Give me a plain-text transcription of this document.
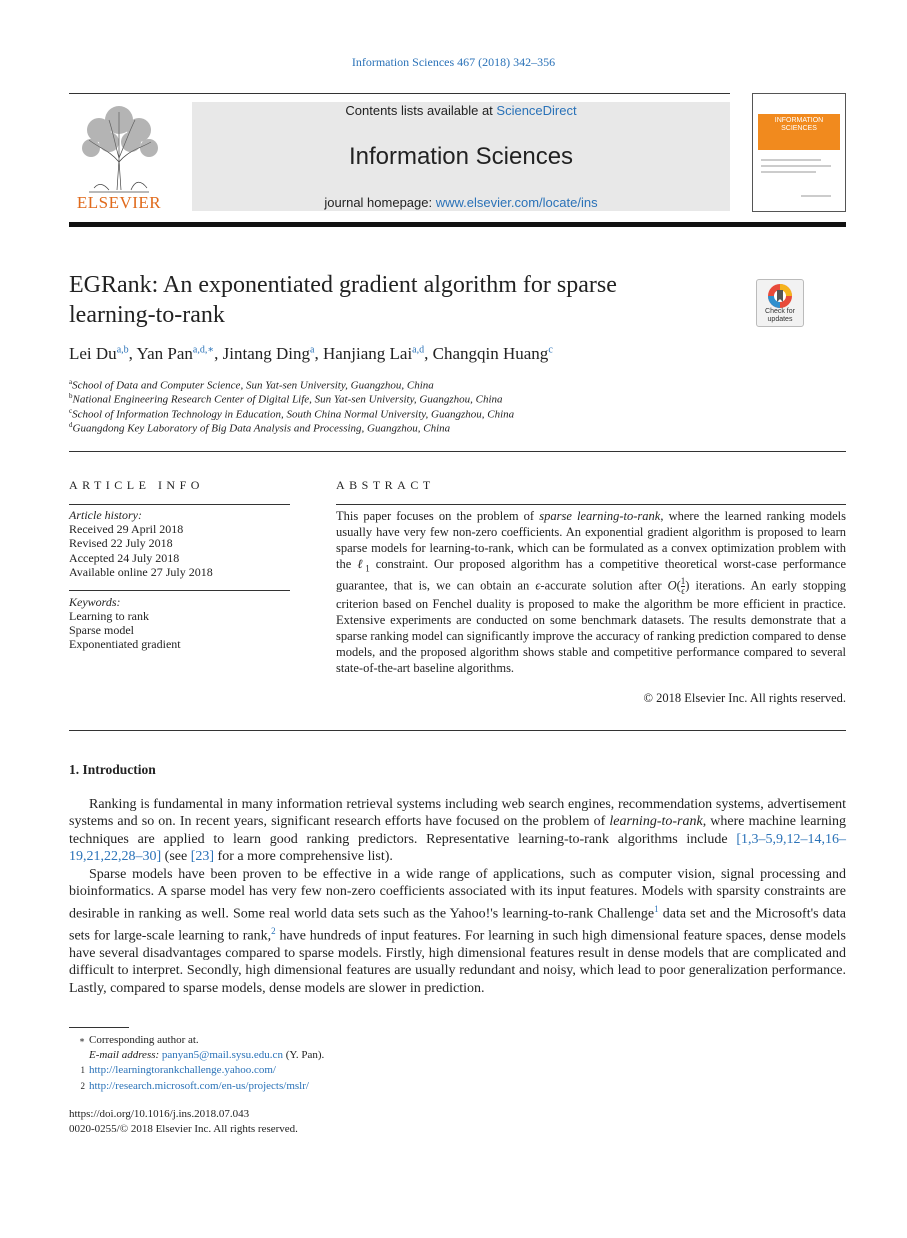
Information Sciences 467 (2018) 342–356
Contents lists available at ScienceDirect
Information Sciences
journal homepage: www.elsevier.com/locate/ins
ELSEVIER
INFORMATION SCIENCES
EGRank: An exponentiated gradient algorithm for sparse learning-to-rank	Check for updates
Lei Du$^{a,b}$, Yan Pan$^{a,d,∗}$, Jintang Ding$^a$, Hanjiang Lai$^{a,d}$, Changqin Huang$^c$
$^a$School of Data and Computer Science, Sun Yat-sen University, Guangzhou, China
$^b$National Engineering Research Center of Digital Life, Sun Yat-sen University, Guangzhou, China
$^c$School of Information Technology in Education, South China Normal University, Guangzhou, China
$^d$Guangdong Key Laboratory of Big Data Analysis and Processing, Guangzhou, China
ARTICLE INFO
Article history:
Received 29 April 2018
Revised 22 July 2018
Accepted 24 July 2018
Available online 27 July 2018
Keywords:
Learning to rank
Sparse model
Exponentiated gradient
ABSTRACT
This paper focuses on the problem of sparse learning-to-rank, where the learned ranking models usually have very few non-zero coefficients. An exponential gradient algorithm is proposed to learn sparse models for learning-to-rank, which can be formulated as a convex optimization problem with the ℓ$_1$ constraint. Our proposed algorithm has a competitive theoretical worst-case performance guarantee, that is, we can obtain an ϵ-accurate solution after $O( \frac{1}{\epsilon}$ ) iterations. An early stopping criterion based on Fenchel duality is proposed to make the algorithm be more efficient in practice. Extensive experiments are conducted on some benchmark datasets. The results demonstrate that a sparse ranking model can significantly improve the accuracy of ranking prediction compared to dense models, and the proposed algorithm shows stable and competitive performance compared to several state-of-the-art baseline algorithms.
© 2018 Elsevier Inc. All rights reserved.
1. Introduction
Ranking is fundamental in many information retrieval systems including web search engines, recommendation systems, advertisement systems and so on. In recent years, significant research efforts have focused on the problem of learning-to-rank, where machine learning techniques are applied to learn good ranking predictors. Representative learning-to-rank algorithms include [1,3–5,9,12–14,16–19,21,22,28–30] (see [23] for a more comprehensive list).
Sparse models have been proven to be effective in a wide range of applications, such as computer vision, signal processing and bioinformatics. A sparse model has very few non-zero coefficients associated with its input features. Models with sparsity constraints are desirable in ranking as well. Some real world data sets such as the Yahoo!'s learning-to-rank Challenge$^1$ data set and the Microsoft's data sets for large-scale learning to rank,$^2$ have hundreds of input features. For learning in such high dimensional feature spaces, dense models have several disadvantages compared to sparse models. Firstly, high dimensional features result in dense models that are complicated and difficult to interpret. Secondly, high dimensional features are usually redundant and noisy, which lead to poor generalization performance. Lastly, compared to sparse models, dense models are slower in prediction.
∗ Corresponding author at.
E-mail address: panyan5@mail.sysu.edu.cn (Y. Pan).
1 http://learningtorankchallenge.yahoo.com/
2 http://research.microsoft.com/en-us/projects/mslr/
https://doi.org/10.1016/j.ins.2018.07.043
0020-0255/© 2018 Elsevier Inc. All rights reserved.
